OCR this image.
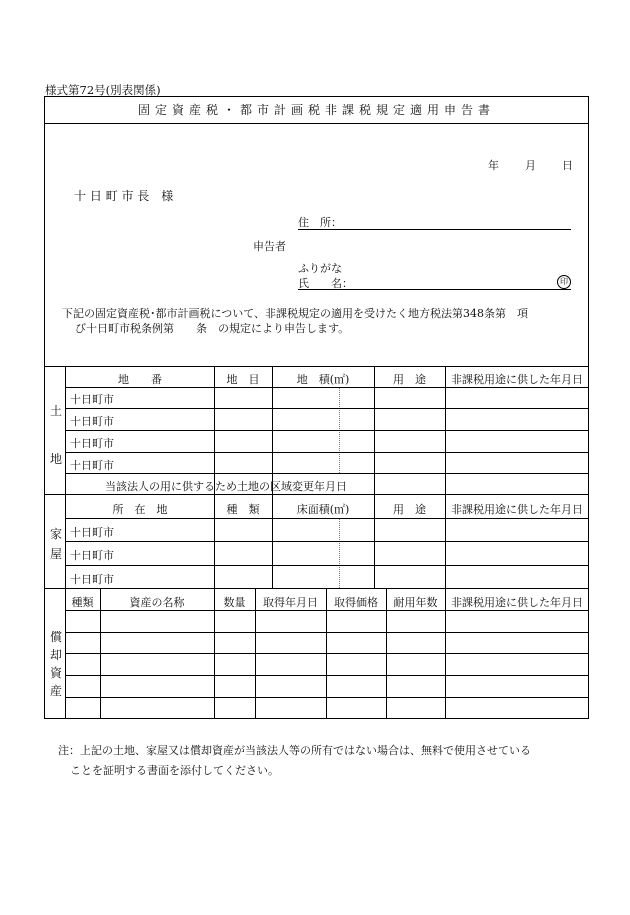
様式第72号(別表関係)
固定資産税・都市計画税非課税規定適用申告書
年 月 日
十 日 町 市 長　様
住　所：
申告者
ふりがな
氏　　名：	印
下記の固定資産税･都市計画税について、非課税規定の適用を受けたく地方税法第348条第　項
び十日町市税条例第　　条　の規定により申告します。
土
地
地　　番	地　目	地　積(㎡)	用　途	非課税用途に供した年月日
十日町市
十日町市
十日町市
十日町市
当該法人の用に供するため土地の区域変更年月日
家
屋
所　在　地	種　類	床面積(㎡)	用　途	非課税用途に供した年月日
十日町市
十日町市
十日町市
償
却
資
産
種類	資産の名称	数量	取得年月日	取得価格	耐用年数	非課税用途に供した年月日
注：上記の土地、家屋又は償却資産が当該法人等の所有ではない場合は、無料で使用させている
ことを証明する書面を添付してください。
